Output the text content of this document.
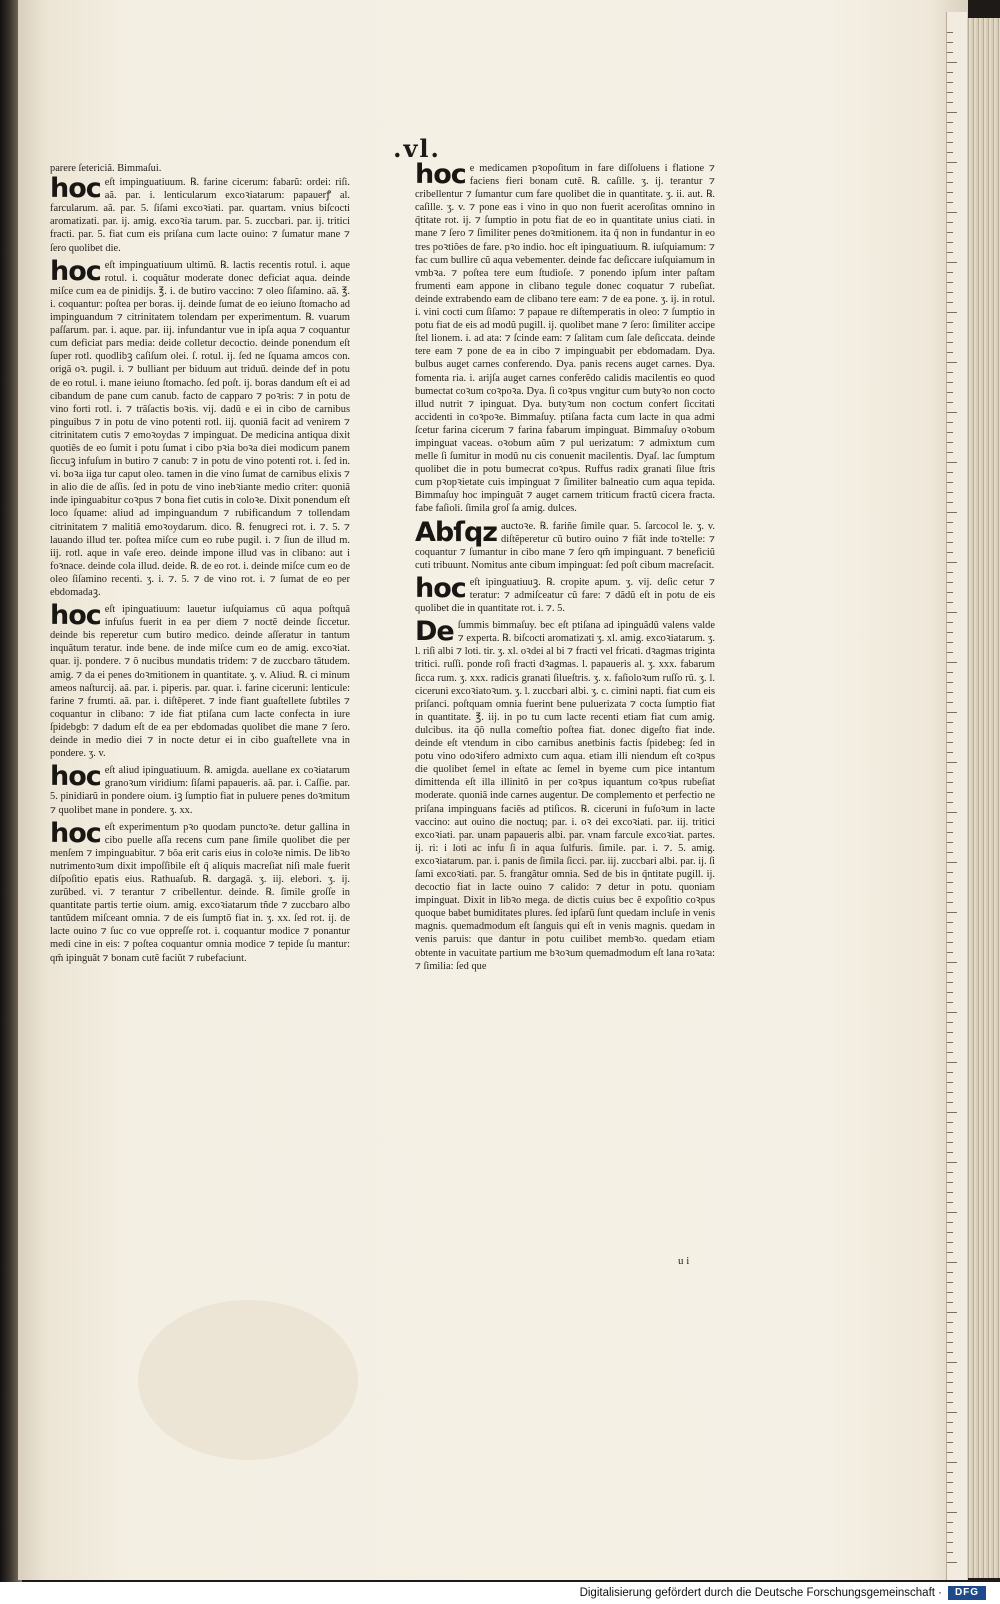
.vl.

parere ſetericiã. Bimmaſui.

hoc eſt impinguatiuum. ℞. farine cicerum: fabarũ: ordei: riſi. aã. par. i. lenticularum excoꝛiatarum: papauerꝭ al. farcularum. aã. par. 5. ſiſami excoꝛiati. par. quartam. vnius biſcocti aromatizati. par. ij. amig. excoꝛia tarum. par. 5. zuccbari. par. ij. tritici fracti. par. 5. fiat cum eis priſana cum lacte ouino: ⁊ ſumatur mane ⁊ ſero quolibet die.

hoc eſt impinguatiuum ultimũ. ℞. lactis recentis rotul. i. aque rotul. i. coquãtur moderate donec deficiat aqua. deinde miſce cum ea de pinidijs. ℥. i. de butiro vaccino: ⁊ oleo ſiſamino. aã. ℥. i. coquantur: poſtea per boras. ij. deinde ſumat de eo ieiuno ſtomacho ad impinguandum ⁊ citrinitatem tolendam per experimentum. ℞. vuarum paſſarum. par. i. aque. par. iij. infundantur vue in ipſa aqua ⁊ coquantur cum deficiat pars media: deide colletur decoctio. deinde ponendum eſt ſuper rotl. quodlibꝫ caſiſum olei. ſ. rotul. ij. ſed ne ſquama amcos con. origã oꝛ. pugil. i. ⁊ bulliant per biduum aut triduũ. deinde def in potu de eo rotul. i. mane ieiuno ſtomacho. ſed poſt. ij. boras dandum eſt ei ad cibandum de pane cum canub. facto de capparo ⁊ poꝛris: ⁊ in potu de vino forti rotl. i. ⁊ trãſactis boꝛis. vij. dadũ e ei in cibo de carnibus pinguibus ⁊ in potu de vino potenti rotl. iij. quoniã facit ad venirem ⁊ citrinitatem cutis ⁊ emoꝛoydas ⁊ impinguat. De medicina antiqua dixit quotiẽs de eo ſumit i potu ſumat i cibo pꝛia boꝛa diei modicum panem ſiccuꝫ infuſum in butiro ⁊ canub: ⁊ in potu de vino potenti rot. i. ſed in. vi. boꝛa iiga tur caput oleo. tamen in die vino ſumat de carnibus elixis ⁊ in alio die de aſſis. ſed in potu de vino inebꝛiante medio criter: quoniã inde ipinguabitur coꝛpus ⁊ bona fiet cutis in coloꝛe. Dixit ponendum eſt loco ſquame: aliud ad impinguandum ⁊ rubificandum ⁊ tollendam citrinitatem ⁊ malitiã emoꝛoydarum. dico. ℞. fenugreci rot. i. ⁊. 5. ⁊ lauando illud ter. poſtea miſce cum eo rube pugil. i. ⁊ ſiun de illud m. iij. rotl. aque in vaſe ereo. deinde impone illud vas in clibano: aut i foꝛnace. deinde cola illud. deide. ℞. de eo rot. i. deinde miſce cum eo de oleo ſiſamino recenti. ʒ. i. ⁊. 5. ⁊ de vino rot. i. ⁊ ſumat de eo per ebdomadaꝫ.

hoc eſt ipinguatiuum: lauetur iuſquiamus cũ aqua poſtquã infuſus fuerit in ea per diem ⁊ noctẽ deinde ſiccetur. deinde bis reperetur cum butiro medico. deinde aſſeratur in tantum inquãtum teratur. inde bene. de inde miſce cum eo de amig. excoꝛiat. quar. ij. pondere. ⁊ õ nucibus mundatis tridem: ⁊ de zuccbaro tãtudem. amig. ⁊ da ei penes doꝛmitionem in quantitate. ʒ. v. Aliud. ℞. ci minum ameos naſturcij. aã. par. i. piperis. par. quar. i. farine ciceruni: lenticule: farine ⁊ frumti. aã. par. i. diſtẽperet. ⁊ inde fiant guaſtellete ſubtiles ⁊ coquantur in clibano: ⁊ ide fiat ptiſana cum lacte confecta in iure ſpidebgb: ⁊ dadum eſt de ea per ebdomadas quolibet die mane ⁊ ſero. deinde in medio diei ⁊ in nocte detur ei in cibo guaſtellete vna in pondere. ʒ. v.

hoc eſt aliud ipinguatiuum. ℞. amigda. auellane ex coꝛiatarum granoꝛum viridium: ſiſami papaueris. aã. par. i. Caſſie. par. 5. pinidiarũ in pondere oium. iꝫ ſumptio fiat in puluere penes doꝛmitum ⁊ quolibet mane in pondere. ʒ. xx.

hoc eſt experimentum pꝛo quodam punctoꝛe. detur gallina in cibo puelle aſſa recens cum pane ſimile quolibet die per menſem ⁊ impinguabitur. ⁊ bõa erit caris eius in coloꝛe nimis. De libꝛo nutrimentoꝛum dixit impoſſibile eſt q̃ aliquis macreſiat niſi male fuerit diſpoſitio epatis eius. Rathuaſub. ℞. dargagã. ʒ. iij. elebori. ʒ. ij. zurũbed. vi. ⁊ terantur ⁊ cribellentur. deinde. ℞. ſimile groſſe in quantitate partis tertie oium. amig. excoꝛiatarum tñde ⁊ zuccbaro albo tantũdem miſceant omnia. ⁊ de eis ſumptõ fiat in. ʒ. xx. ſed rot. ij. de lacte ouino ⁊ ſuc co vue oppreſſe rot. i. coquantur modice ⁊ ponantur medi cine in eis: ⁊ poſtea coquantur omnia modice ⁊ tepide ſu mantur: qm̃ ipinguãt ⁊ bonam cutẽ faciũt ⁊ rubefaciunt.

hoc e medicamen pꝛopoſitum in fare diſſoluens i flatione ⁊ faciens fieri bonam cutẽ. ℞. caſille. ʒ. ij. terantur ⁊ cribellentur ⁊ ſumantur cum fare quolibet die in quantitate. ʒ. ii. aut. ℞. caſille. ʒ. v. ⁊ pone eas i vino in quo non fuerit aceroſitas omnino in q̃titate rot. ij. ⁊ ſumptio in potu fiat de eo in quantitate unius ciati. in mane ⁊ ſero ⁊ ſimiliter penes doꝛmitionem. ita q̃ non in fundantur in eo tres poꝛtiões de fare. pꝛo indio. hoc eſt ipinguatiuum. ℞. iuſquiamum: ⁊ fac cum bullire cũ aqua vebementer. deinde fac deſiccare iuſquiamum in vmbꝛa. ⁊ poſtea tere eum ſtudioſe. ⁊ ponendo ipſum inter paſtam frumenti eam appone in clibano tegule donec coquatur ⁊ rubeſiat. deinde extrabendo eam de clibano tere eam: ⁊ de ea pone. ʒ. ij. in rotul. i. vini cocti cum ſiſamo: ⁊ papaue re diſtemperatis in oleo: ⁊ ſumptio in potu fiat de eis ad modũ pugill. ij. quolibet mane ⁊ ſero: ſimiliter accipe ſtel lionem. i. ad ata: ⁊ ſcinde eam: ⁊ ſalitam cum ſale deſiccata. deinde tere eam ⁊ pone de ea in cibo ⁊ impinguabit per ebdomadam. Dya. bulbus auget carnes conferendo. Dya. panis recens auget carnes. Dya. fomenta ria. i. arijſa auget carnes conferẽdo calidis macilentis eo quod bumectat coꝛum coꝛpoꝛa. Dya. ſi coꝛpus vngitur cum butyꝛo non cocto illud nutrit ⁊ ipinguat. Dya. butyꝛum non coctum confert ſiccitati accidenti in coꝛpoꝛe. Bimmaſuy. ptiſana facta cum lacte in qua admi ſcetur farina cicerum ⁊ farina fabarum impinguat. Bimmaſuy oꝛobum impinguat vaceas. oꝛobum aũm ⁊ pul uerizatum: ⁊ admixtum cum melle ſi ſumitur in modũ nu cis conuenit macilentis. Dyaſ. lac ſumptum quolibet die in potu bumecrat coꝛpus. Ruffus radix granati ſilue ſtris cum pꝛopꝛietate cuis impinguat ⁊ ſimiliter balneatio cum aqua tepida. Bimmaſuy hoc impinguãt ⁊ auget carnem triticum fractũ cicera fracta. fabe faſioli. ſimila groſ ſa amig. dulces.

Abſqz auctoꝛe. ℞. fariñe ſimile quar. 5. ſarcocol le. ʒ. v. diſtẽperetur cũ butiro ouino ⁊ fiãt inde toꝛtelle: ⁊ coquantur ⁊ ſumantur in cibo mane ⁊ ſero qm̃ impinguant. ⁊ beneficiũ cuti tribuunt. Nomitus ante cibum impinguat: ſed poſt cibum macreſacit.

hoc eſt ipinguatiuuꝫ. ℞. cropite apum. ʒ. vij. deſic cetur ⁊ teratur: ⁊ admiſceatur cũ fare: ⁊ dãdũ eſt in potu de eis quolibet die in quantitate rot. i. ⁊. 5.

De ſummis bimmaſuy. bec eſt ptiſana ad ipinguãdũ valens valde ⁊ experta. ℞. biſcocti aromatizati ʒ. xl. amig. excoꝛiatarum. ʒ. l. riſi albi ⁊ loti. tir. ʒ. xl. oꝛdei al bi ⁊ fracti vel fricati. dꝛagmas triginta tritici. ruſſi. ponde roſi fracti dꝛagmas. l. papaueris al. ʒ. xxx. fabarum ſicca rum. ʒ. xxx. radicis granati ſilueſtris. ʒ. x. faſioloꝛum ruſſo rũ. ʒ. l. ciceruni excoꝛiatoꝛum. ʒ. l. zuccbari albi. ʒ. c. cimini napti. fiat cum eis priſanci. poſtquam omnia fuerint bene puluerizata ⁊ cocta ſumptio fiat in quantitate. ℥. iij. in po tu cum lacte recenti etiam fiat cum amig. dulcibus. ita q̃õ nulla comeſtio poſtea fiat. donec digeſto fiat inde. deinde eſt vtendum in cibo carnibus anetbinis factis ſpidebeg: ſed in potu vino odoꝛifero admixto cum aqua. etiam illi niendum eſt coꝛpus die quolibet ſemel in eſtate ac ſemel in byeme cum pice intantum dimittenda eſt illa illinitõ in per coꝛpus iquantum coꝛpus rubeſiat moderate. quoniã inde carnes augentur. De complemento et perfectio ne priſana impinguans faciẽs ad ptiſicos. ℞. ciceruni in fuſoꝛum in lacte vaccino: aut ouino die noctuq; par. i. oꝛ dei excoꝛiati. par. iij. tritici excoꝛiati. par. unam papaueris albi. par. vnam farcule excoꝛiat. partes. ij. ri: i loti ac infu ſi in aqua ſulfuris. ſimile. par. i. ⁊. 5. amig. excoꝛiatarum. par. i. panis de ſimila ſicci. par. iij. zuccbari albi. par. ij. ſi ſami excoꝛiati. par. 5. frangãtur omnia. Sed de bis in q̃ntitate pugill. ij. decoctio fiat in lacte ouino ⁊ calido: ⁊ detur in potu. quoniam impinguat. Dixit in libꝛo mega. de dictis cuius bec ẽ expoſitio coꝛpus quoque babet bumiditates plures. ſed ipſarũ ſunt quedam incluſe in venis magnis. quemadmodum eſt ſanguis qui eſt in venis magnis. quedam in venis paruis: que dantur in potu cuilibet membꝛo. quedam etiam obtente in vacuitate partium me bꝛoꝛum quemadmodum eſt lana roꝛata: ⁊ ſimilia: ſed que

u i
Digitalisierung gefördert durch die Deutsche Forschungsgemeinschaft ·	DFG
